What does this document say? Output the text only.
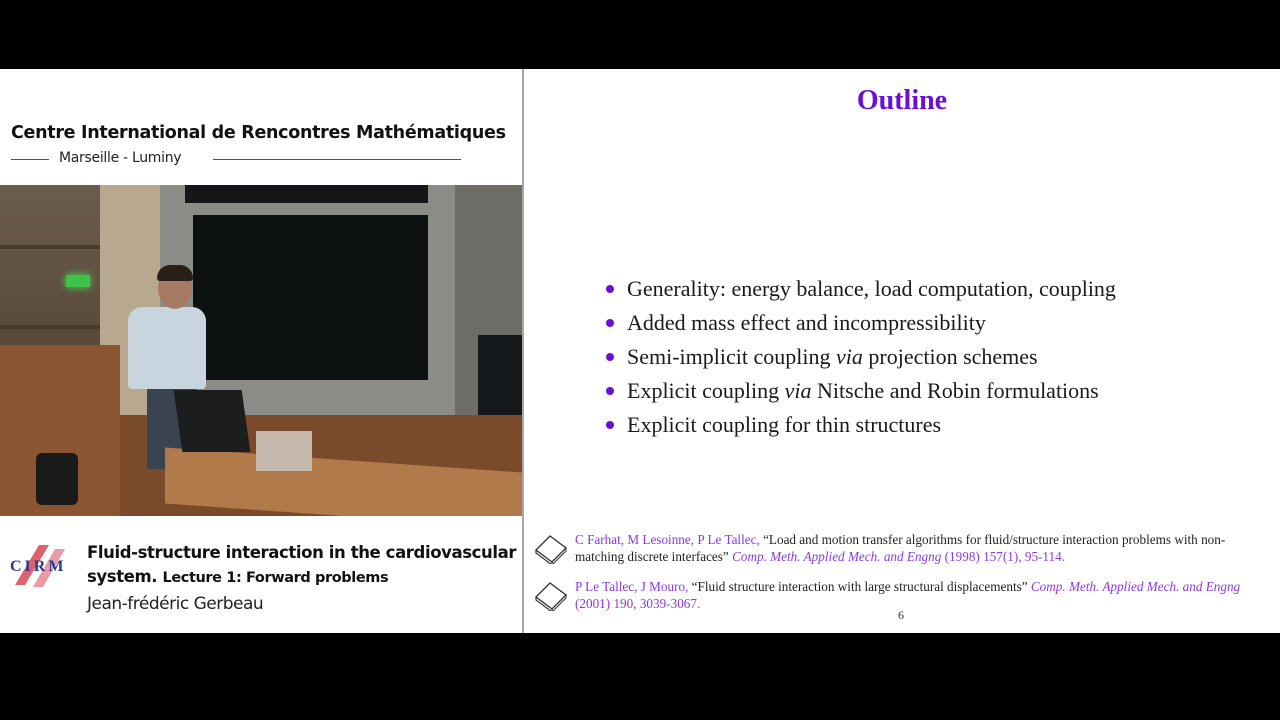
Centre International de Rencontres Mathématiques
Marseille - Luminy
CIRM
Fluid-structure interaction in the cardiovascular system. Lecture 1: Forward problems
Jean-frédéric Gerbeau
Outline
Generality: energy balance, load computation, coupling
Added mass effect and incompressibility
Semi-implicit coupling via projection schemes
Explicit coupling via Nitsche and Robin formulations
Explicit coupling for thin structures
C Farhat, M Lesoinne, P Le Tallec, “Load and motion transfer algorithms for fluid/structure interaction problems with non-matching discrete interfaces” Comp. Meth. Applied Mech. and Engng (1998) 157(1), 95-114.
P Le Tallec, J Mouro, “Fluid structure interaction with large structural displacements” Comp. Meth. Applied Mech. and Engng (2001) 190, 3039-3067.
6
